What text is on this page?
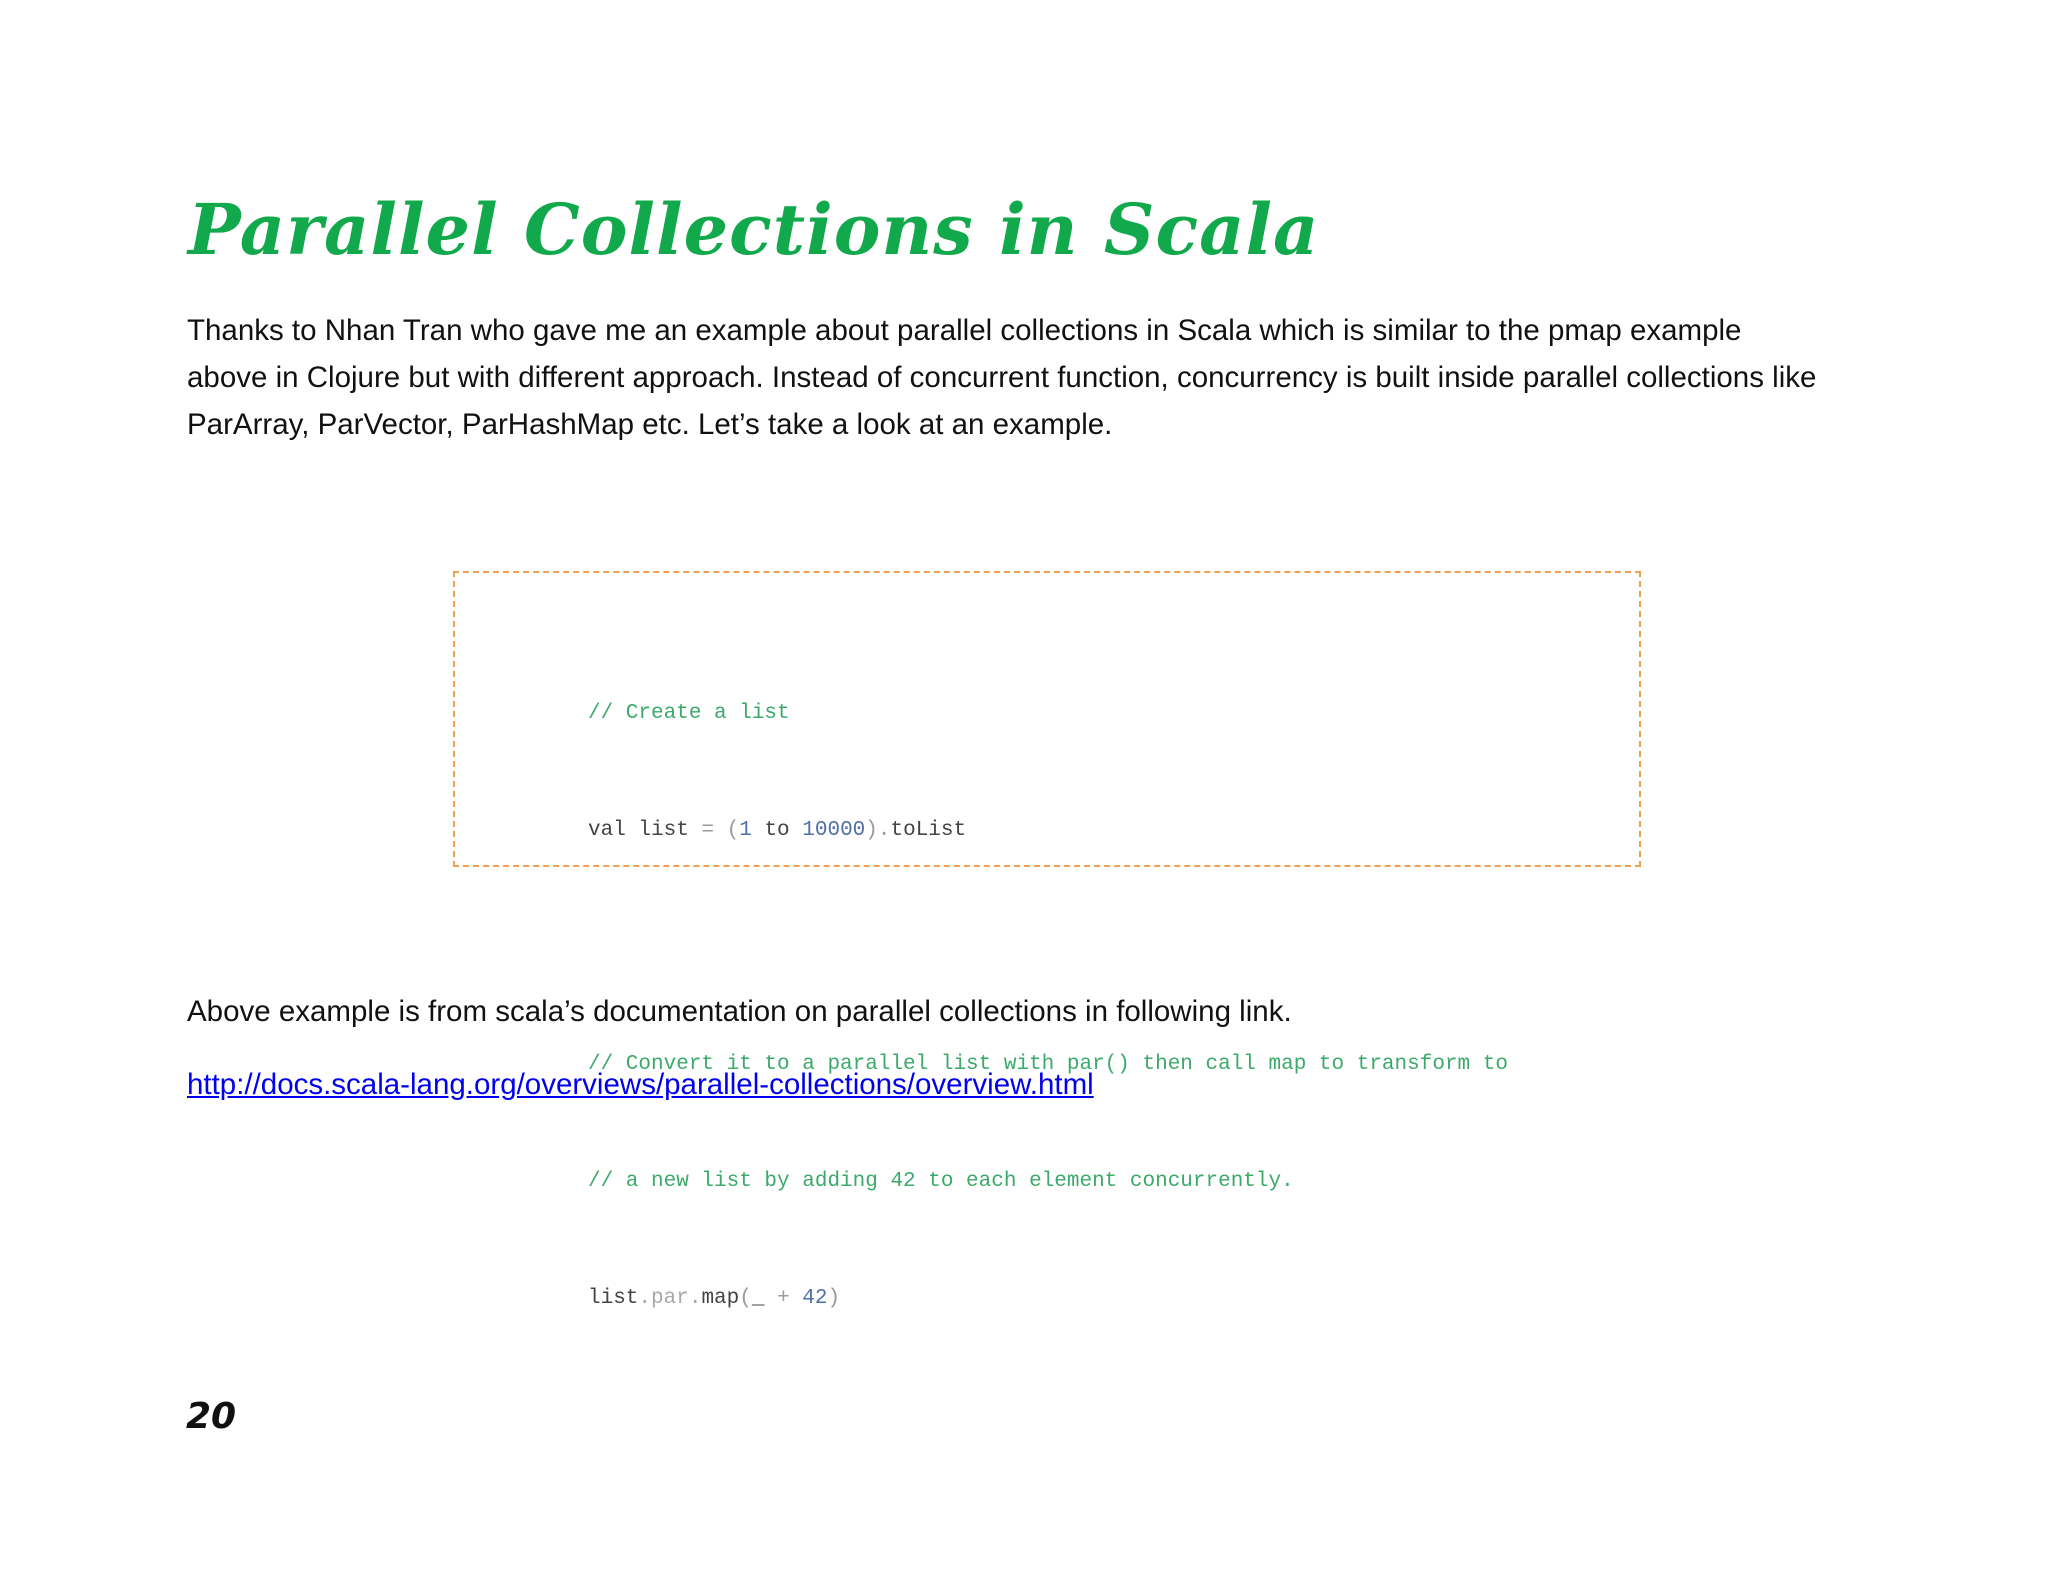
Parallel Collections in Scala

Thanks to Nhan Tran who gave me an example about parallel collections in Scala which is similar to the pmap example above in Clojure but with different approach. Instead of concurrent function, concurrency is built inside parallel collections like ParArray, ParVector, ParHashMap etc. Let’s take a look at an example.

// Create a list

val list = (1 to 10000).toList

// Convert it to a parallel list with par() then call map to transform to

// a new list by adding 42 to each element concurrently.

list.par.map(_ + 42)

Above example is from scala’s documentation on parallel collections in following link.

http://docs.scala-lang.org/overviews/parallel-collections/overview.html
20
